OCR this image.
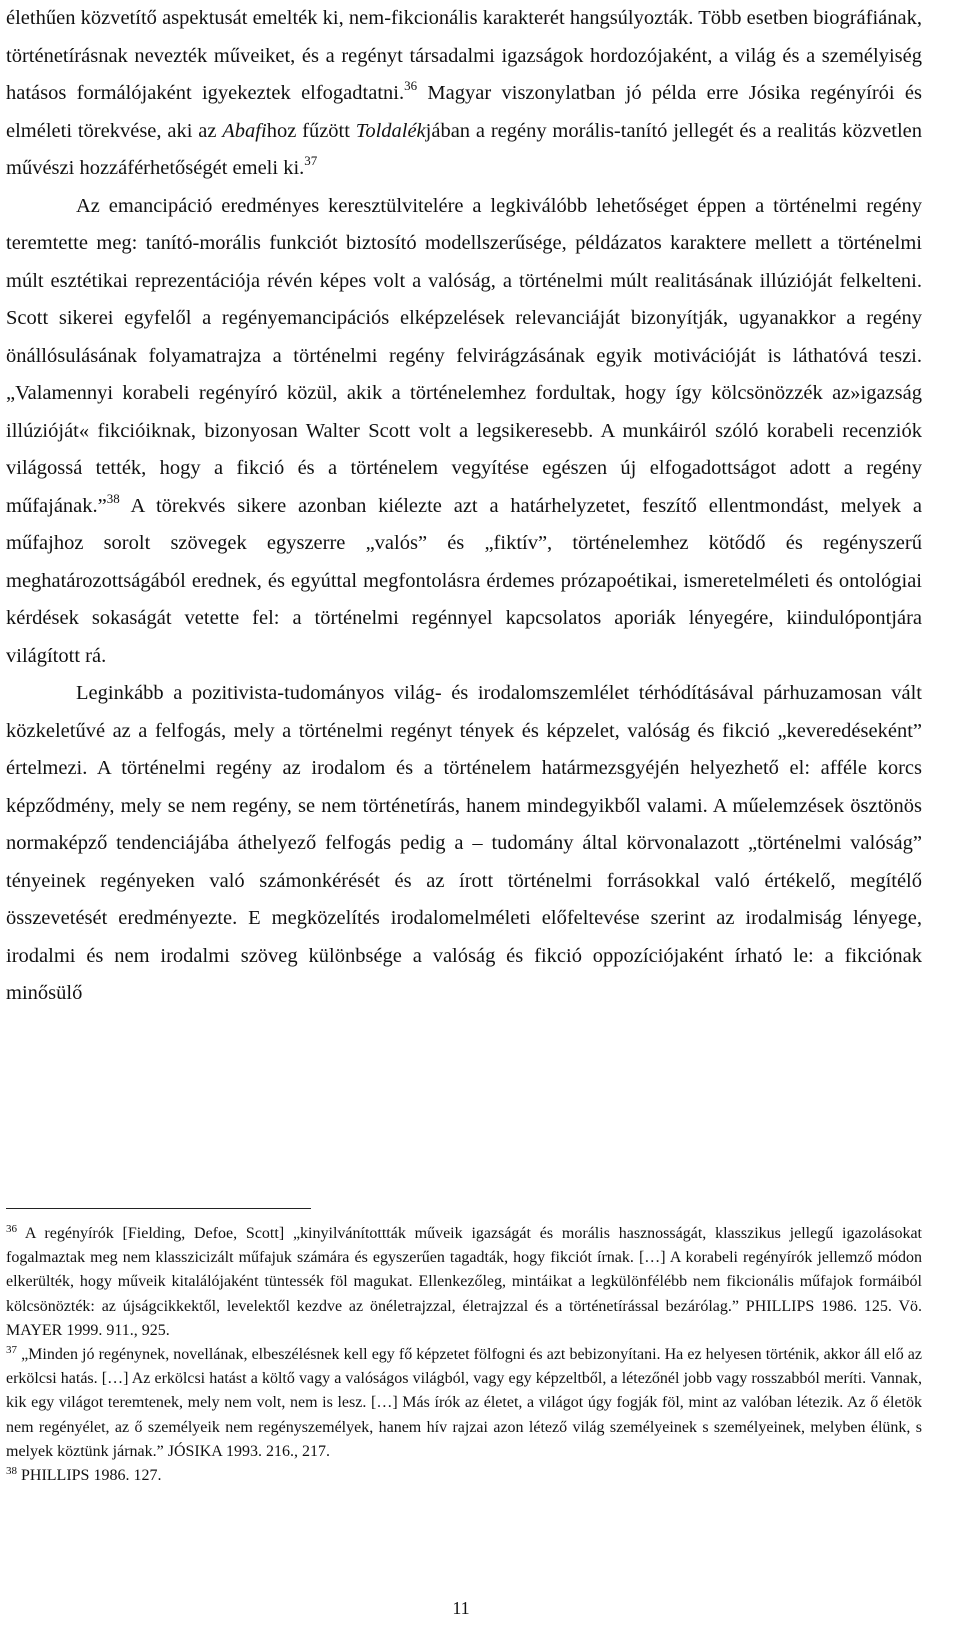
élethűen közvetítő aspektusát emelték ki, nem-fikcionális karakterét hangsúlyozták. Több esetben biográfiának, történetírásnak nevezték műveiket, és a regényt társadalmi igazságok hordozójaként, a világ és a személyiség hatásos formálójaként igyekeztek elfogadtatni.$^{36}$ Magyar viszonylatban jó példa erre Jósika regényírói és elméleti törekvése, aki az Abafihoz fűzött Toldalékjában a regény morális-tanító jellegét és a realitás közvetlen művészi hozzáférhetőségét emeli ki.$^{37}$

Az emancipáció eredményes keresztülvitelére a legkiválóbb lehetőséget éppen a történelmi regény teremtette meg: tanító-morális funkciót biztosító modellszerűsége, példázatos karaktere mellett a történelmi múlt esztétikai reprezentációja révén képes volt a valóság, a történelmi múlt realitásának illúzióját felkelteni. Scott sikerei egyfelől a regényemancipációs elképzelések relevanciáját bizonyítják, ugyanakkor a regény önállósulásának folyamatrajza a történelmi regény felvirágzásának egyik motivációját is láthatóvá teszi. „Valamennyi korabeli regényíró közül, akik a történelemhez fordultak, hogy így kölcsönözzék az»igazság illúzióját« fikcióiknak, bizonyosan Walter Scott volt a legsikeresebb. A munkáiról szóló korabeli recenziók világossá tették, hogy a fikció és a történelem vegyítése egészen új elfogadottságot adott a regény műfajának.”$^{38}$ A törekvés sikere azonban kiélezte azt a határhelyzetet, feszítő ellentmondást, melyek a műfajhoz sorolt szövegek egyszerre „valós” és „fiktív”, történelemhez kötődő és regényszerű meghatározottságából erednek, és egyúttal megfontolásra érdemes prózapoétikai, ismeretelméleti és ontológiai kérdések sokaságát vetette fel: a történelmi regénnyel kapcsolatos aporiák lényegére, kiindulópontjára világított rá.

Leginkább a pozitivista-tudományos világ- és irodalomszemlélet térhódításával párhuzamosan vált közkeletűvé az a felfogás, mely a történelmi regényt tények és képzelet, valóság és fikció „keveredéseként” értelmezi. A történelmi regény az irodalom és a történelem határmezsgyéjén helyezhető el: afféle korcs képződmény, mely se nem regény, se nem történetírás, hanem mindegyikből valami. A műelemzések ösztönös normaképző tendenciájába áthelyező felfogás pedig a – tudomány által körvonalazott „történelmi valóság” tényeinek regényeken való számonkérését és az írott történelmi forrásokkal való értékelő, megítélő összevetését eredményezte. E megközelítés irodalomelméleti előfeltevése szerint az irodalmiság lényege, irodalmi és nem irodalmi szöveg különbsége a valóság és fikció oppozíciójaként írható le: a fikciónak minősülő

$^{36}$ A regényírók [Fielding, Defoe, Scott] „kinyilvánítottták műveik igazságát és morális hasznosságát, klasszikus jellegű igazolásokat fogalmaztak meg nem klasszicizált műfajuk számára és egyszerűen tagadták, hogy fikciót írnak. […] A korabeli regényírók jellemző módon elkerülték, hogy műveik kitalálójaként tüntessék föl magukat. Ellenkezőleg, mintáikat a legkülönfélébb nem fikcionális műfajok formáiból kölcsönözték: az újságcikkektől, levelektől kezdve az önéletrajzzal, életrajzzal és a történetírással bezárólag.” PHILLIPS 1986. 125. Vö. MAYER 1999. 911., 925.

$^{37}$ „Minden jó regénynek, novellának, elbeszélésnek kell egy fő képzetet fölfogni és azt bebizonyítani. Ha ez helyesen történik, akkor áll elő az erkölcsi hatás. […] Az erkölcsi hatást a költő vagy a valóságos világból, vagy egy képzeltből, a létezőnél jobb vagy rosszabból meríti. Vannak, kik egy világot teremtenek, mely nem volt, nem is lesz. […] Más írók az életet, a világot úgy fogják föl, mint az valóban létezik. Az ő életök nem regényélet, az ő személyeik nem regényszemélyek, hanem hív rajzai azon létező világ személyeinek s személyeinek, melyben élünk, s melyek köztünk járnak.” JÓSIKA 1993. 216., 217.

$^{38}$ PHILLIPS 1986. 127.

11
